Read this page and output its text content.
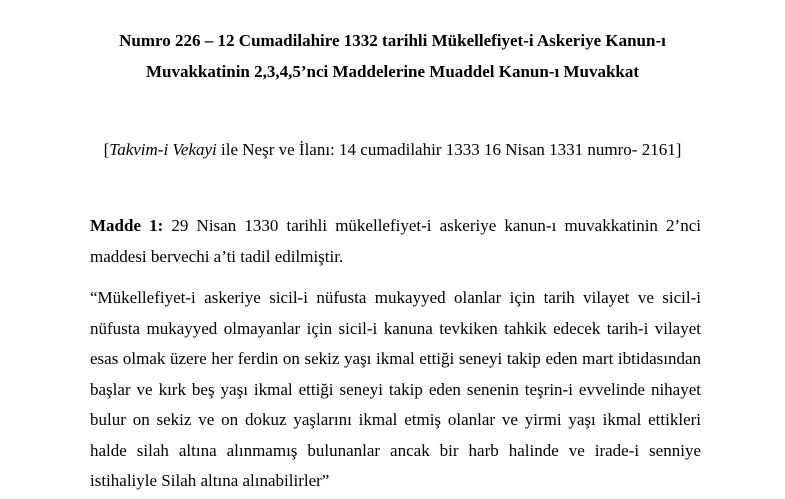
Numro 226 – 12 Cumadilahire 1332 tarihli Mükellefiyet-i Askeriye Kanun-ı
Muvakkatinin 2,3,4,5’nci Maddelerine Muaddel Kanun-ı Muvakkat
[Takvim-i Vekayi ile Neşr ve İlanı: 14 cumadilahir 1333 16 Nisan 1331 numro- 2161]

Madde 1: 29 Nisan 1330 tarihli mükellefiyet-i askeriye kanun-ı muvakkatinin 2’nci maddesi bervechi a’ti tadil edilmiştir.

“Mükellefiyet-i askeriye sicil-i nüfusta mukayyed olanlar için tarih vilayet ve sicil-i nüfusta mukayyed olmayanlar için sicil-i kanuna tevkiken tahkik edecek tarih-i vilayet esas olmak üzere her ferdin on sekiz yaşı ikmal ettiği seneyi takip eden mart ibtidasından başlar ve kırk beş yaşı ikmal ettiği seneyi takip eden senenin teşrin-i evvelinde nihayet bulur on sekiz ve on dokuz yaşlarını ikmal etmiş olanlar ve yirmi yaşı ikmal ettikleri halde silah altına alınmamış bulunanlar ancak bir harb halinde ve irade-i senniye istihaliyle Silah altına alınabilirler”
